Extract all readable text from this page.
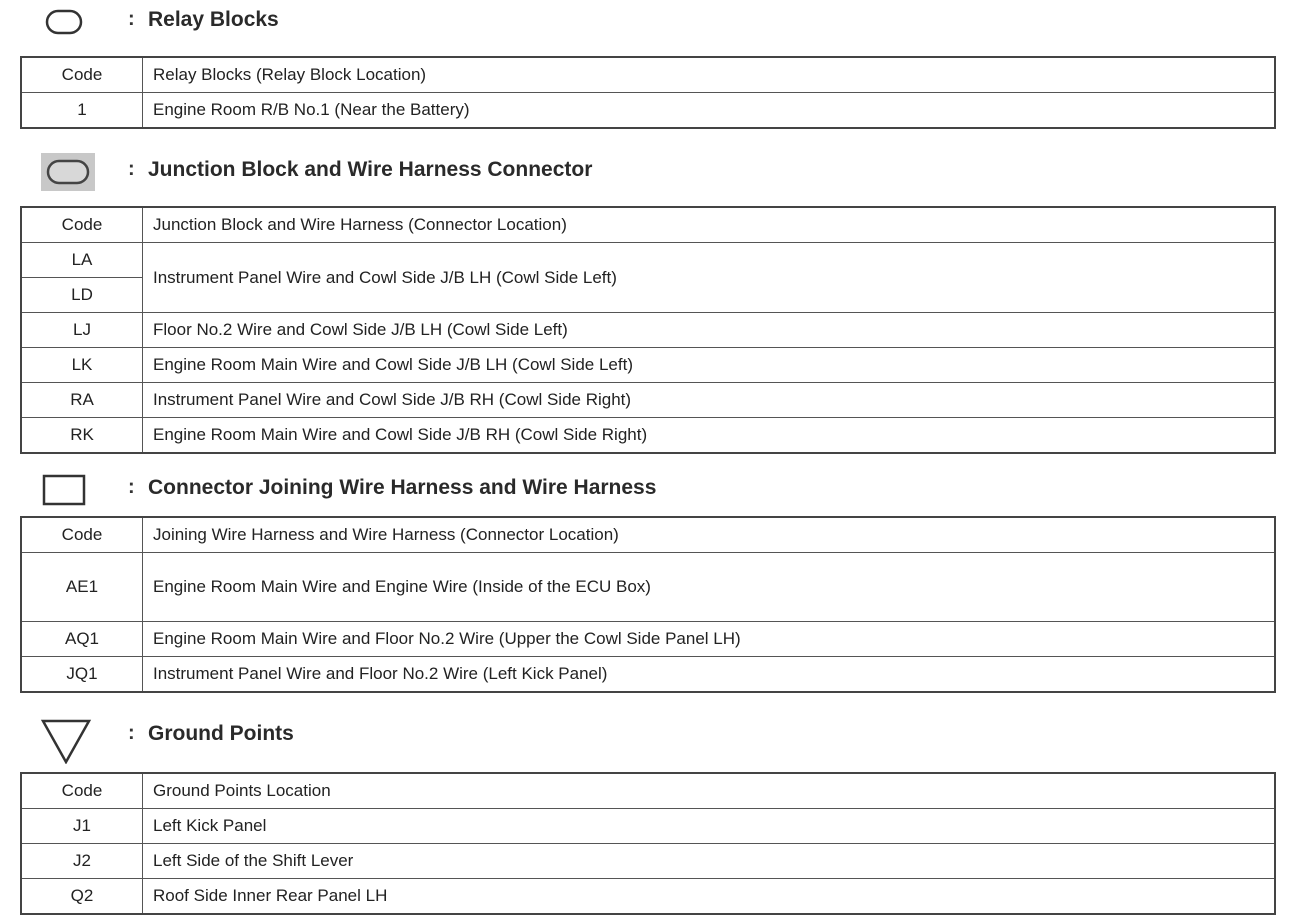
: Relay Blocks
Code	Relay Blocks (Relay Block Location)
1	Engine Room R/B No.1 (Near the Battery)
: Junction Block and Wire Harness Connector
Code	Junction Block and Wire Harness (Connector Location)
LA	Instrument Panel Wire and Cowl Side J/B LH (Cowl Side Left)
LD	
LJ	Floor No.2 Wire and Cowl Side J/B LH (Cowl Side Left)
LK	Engine Room Main Wire and Cowl Side J/B LH (Cowl Side Left)
RA	Instrument Panel Wire and Cowl Side J/B RH (Cowl Side Right)
RK	Engine Room Main Wire and Cowl Side J/B RH (Cowl Side Right)
: Connector Joining Wire Harness and Wire Harness
Code	Joining Wire Harness and Wire Harness (Connector Location)
AE1	Engine Room Main Wire and Engine Wire (Inside of the ECU Box)
AQ1	Engine Room Main Wire and Floor No.2 Wire (Upper the Cowl Side Panel LH)
JQ1	Instrument Panel Wire and Floor No.2 Wire (Left Kick Panel)
: Ground Points
Code	Ground Points Location
J1	Left Kick Panel
J2	Left Side of the Shift Lever
Q2	Roof Side Inner Rear Panel LH
